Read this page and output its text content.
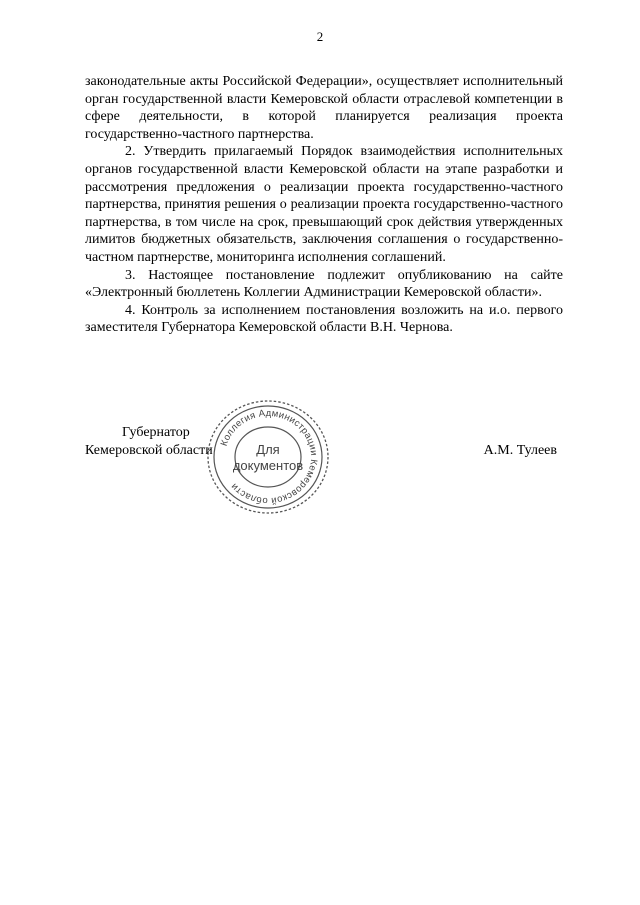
2

законодательные акты Российской Федерации», осуществляет исполнительный орган государственной власти Кемеровской области отраслевой компетенции в сфере деятельности, в которой планируется реализация проекта государственно-частного партнерства.

2. Утвердить прилагаемый Порядок взаимодействия исполнительных органов государственной власти Кемеровской области на этапе разработки и рассмотрения предложения о реализации проекта государственно-частного партнерства, принятия решения о реализации проекта государственно-частного партнерства, в том числе на срок, превышающий срок действия утвержденных лимитов бюджетных обязательств, заключения соглашения о государственно-частном партнерстве, мониторинга исполнения соглашений.

3. Настоящее постановление подлежит опубликованию на сайте «Электронный бюллетень Коллегии Администрации Кемеровской области».

4. Контроль за исполнением постановления возложить на и.о. первого заместителя Губернатора Кемеровской области В.Н. Чернова.

Губернатор
Кемеровской области	А.М. Тулеев
Коллегия Администрации Кемеровской области
Для
документов
